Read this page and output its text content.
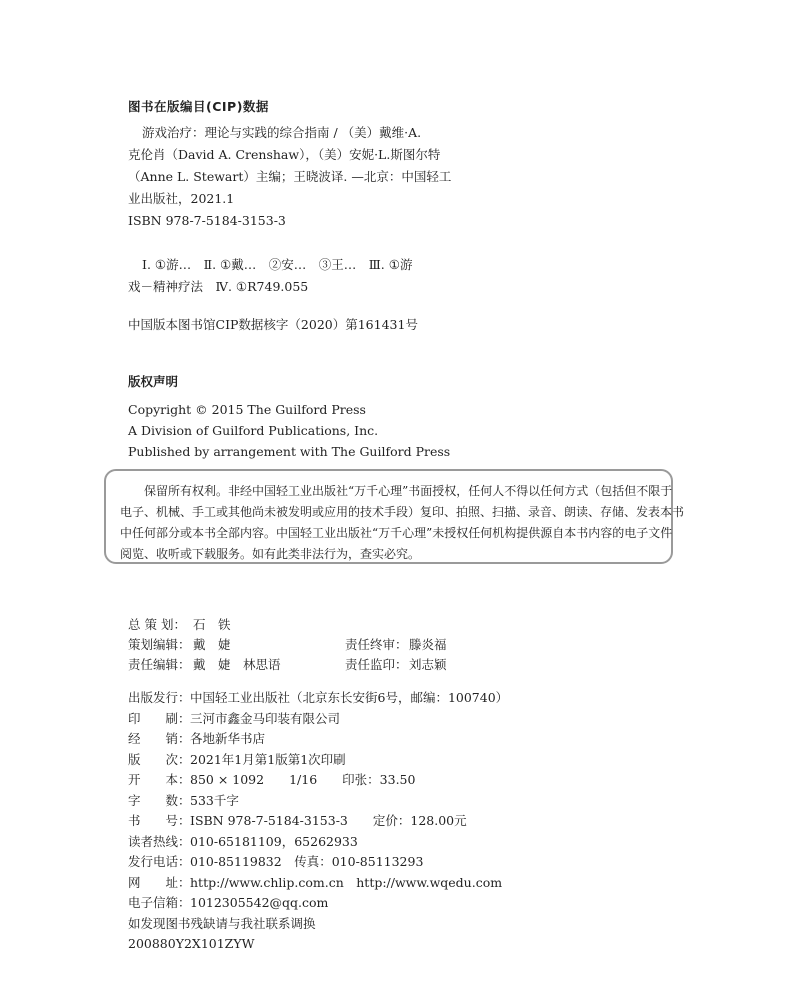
图书在版编目(CIP)数据
游戏治疗：理论与实践的综合指南 / （美）戴维·A.
克伦肖（David A. Crenshaw），（美）安妮·L.斯图尔特
（Anne L. Stewart）主编；王晓波译. —北京：中国轻工
业出版社，2021.1
ISBN 978-7-5184-3153-3
Ⅰ. ①游…　Ⅱ. ①戴…　②安…　③王…　Ⅲ. ①游
戏－精神疗法　Ⅳ. ①R749.055
中国版本图书馆CIP数据核字（2020）第161431号
版权声明
Copyright © 2015 The Guilford Press
A Division of Guilford Publications, Inc.
Published by arrangement with The Guilford Press
保留所有权利。非经中国轻工业出版社“万千心理”书面授权，任何人不得以任何方式（包括但不限于
电子、机械、手工或其他尚未被发明或应用的技术手段）复印、拍照、扫描、录音、朗读、存储、发表本书
中任何部分或本书全部内容。中国轻工业出版社“万千心理”未授权任何机构提供源自本书内容的电子文件
阅览、收听或下载服务。如有此类非法行为，查实必究。
总 策 划： 石　铁
策划编辑： 戴　婕	责任终审： 滕炎福
责任编辑： 戴　婕　林思语	责任监印： 刘志颖
出版发行： 中国轻工业出版社（北京东长安街6号，邮编：100740）
印　　刷： 三河市鑫金马印装有限公司
经　　销： 各地新华书店
版　　次： 2021年1月第1版第1次印刷
开　　本： 850 × 1092　　1/16　　印张：33.50
字　　数： 533千字
书　　号： ISBN 978-7-5184-3153-3　　定价：128.00元
读者热线： 010-65181109，65262933
发行电话： 010-85119832　传真：010-85113293
网　　址： http://www.chlip.com.cn　http://www.wqedu.com
电子信箱： 1012305542@qq.com
如发现图书残缺请与我社联系调换
200880Y2X101ZYW
